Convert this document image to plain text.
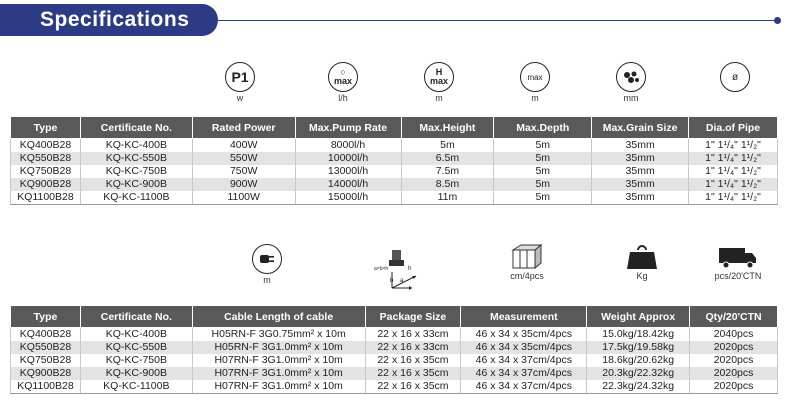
Specifications
P1
w
○
max
l/h
H
max
m
max
m	mm
ø
Type	Certificate No.	Rated Power	Max.Pump Rate	Max.Height	Max.Depth	Max.Grain Size	Dia.of Pipe
KQ400B28	KQ-KC-400B	400W	8000l/h	5m	5m	35mm	1" 1¹/₄" 1¹/₂"
KQ550B28	KQ-KC-550B	550W	10000l/h	6.5m	5m	35mm	1" 1¹/₄" 1¹/₂"
KQ750B28	KQ-KC-750B	750W	13000l/h	7.5m	5m	35mm	1" 1¹/₄" 1¹/₂"
KQ900B28	KQ-KC-900B	900W	14000l/h	8.5m	5m	35mm	1" 1¹/₄" 1¹/₂"
KQ1100B28	KQ-KC-1100B	1100W	15000l/h	11m	5m	35mm	1" 1¹/₄" 1¹/₂"
m
a×b×h	h
a
b	cm/4pcs	Kg	pcs/20'CTN
Type	Certificate No.	Cable Length of cable	Package Size	Measurement	Weight Approx	Qty/20'CTN
KQ400B28	KQ-KC-400B	H05RN-F 3G0.75mm² x 10m	22 x 16 x 33cm	46 x 34 x 35cm/4pcs	15.0kg/18.42kg	2040pcs
KQ550B28	KQ-KC-550B	H05RN-F 3G1.0mm² x 10m	22 x 16 x 33cm	46 x 34 x 35cm/4pcs	17.5kg/19.58kg	2020pcs
KQ750B28	KQ-KC-750B	H07RN-F 3G1.0mm² x 10m	22 x 16 x 35cm	46 x 34 x 37cm/4pcs	18.6kg/20.62kg	2020pcs
KQ900B28	KQ-KC-900B	H07RN-F 3G1.0mm² x 10m	22 x 16 x 35cm	46 x 34 x 37cm/4pcs	20.3kg/22.32kg	2020pcs
KQ1100B28	KQ-KC-1100B	H07RN-F 3G1.0mm² x 10m	22 x 16 x 35cm	46 x 34 x 37cm/4pcs	22.3kg/24.32kg	2020pcs
